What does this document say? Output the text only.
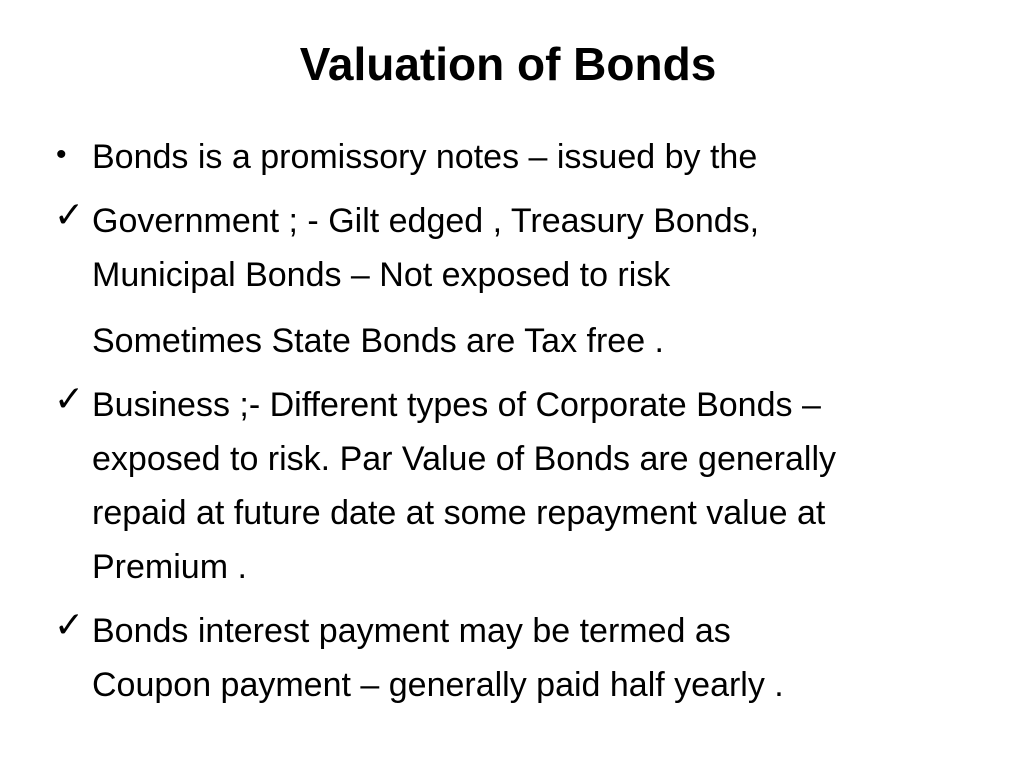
Valuation of Bonds
• Bonds is a promissory notes – issued by the
✓ Government ; - Gilt edged , Treasury Bonds,
Municipal Bonds – Not exposed to risk
Sometimes State Bonds are Tax free .
✓ Business ;- Different types of Corporate Bonds –
exposed to risk. Par Value of Bonds are generally
repaid at future date at some repayment value at
Premium .
✓ Bonds interest payment may be termed as
Coupon payment – generally paid half yearly .
